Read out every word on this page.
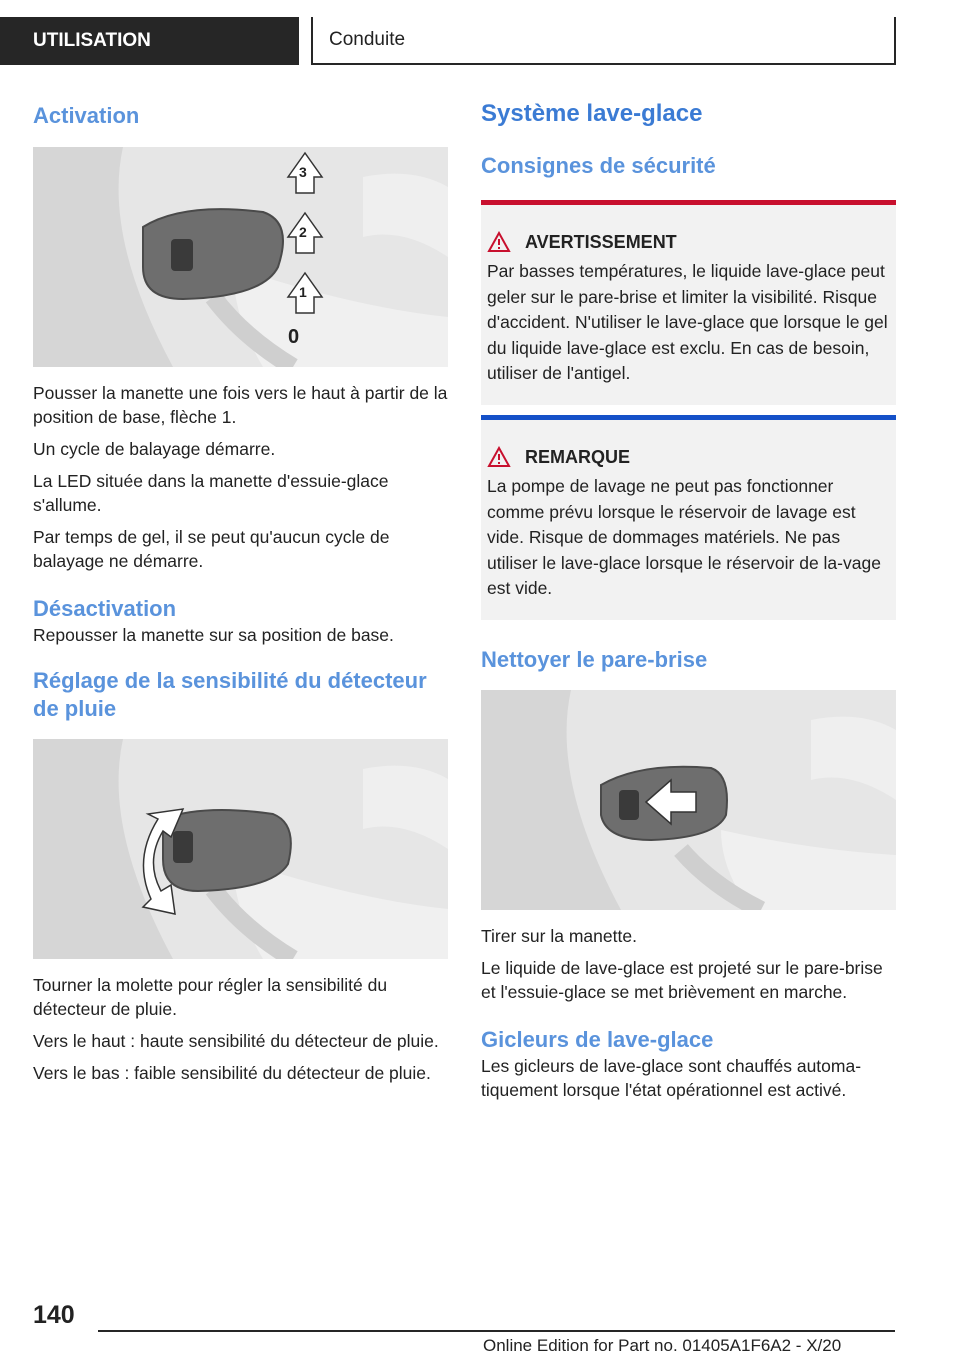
UTILISATION	Conduite
Activation
3
2
1
0

Pousser la manette une fois vers le haut à partir de la position de base, flèche 1.

Un cycle de balayage démarre.

La LED située dans la manette d'essuie-glace s'allume.

Par temps de gel, il se peut qu'aucun cycle de balayage ne démarre.

Désactivation

Repousser la manette sur sa position de base.

Réglage de la sensibilité du détecteur de pluie

Tourner la molette pour régler la sensibilité du détecteur de pluie.

Vers le haut : haute sensibilité du détecteur de pluie.

Vers le bas : faible sensibilité du détecteur de pluie.

Système lave-glace
Consignes de sécurité
AVERTISSEMENT

Par basses températures, le liquide lave-glace peut geler sur le pare-brise et limiter la visibilité. Risque d'accident. N'utiliser le lave-glace que lorsque le gel du liquide lave-glace est exclu. En cas de besoin, utiliser de l'antigel.

REMARQUE

La pompe de lavage ne peut pas fonctionner comme prévu lorsque le réservoir de lavage est vide. Risque de dommages matériels. Ne pas utiliser le lave-glace lorsque le réservoir de la-vage est vide.

Nettoyer le pare-brise

Tirer sur la manette.

Le liquide de lave-glace est projeté sur le pare-brise et l'essuie-glace se met brièvement en marche.

Gicleurs de lave-glace

Les gicleurs de lave-glace sont chauffés automa-tiquement lorsque l'état opérationnel est activé.

140
Online Edition for Part no. 01405A1F6A2 - X/20
